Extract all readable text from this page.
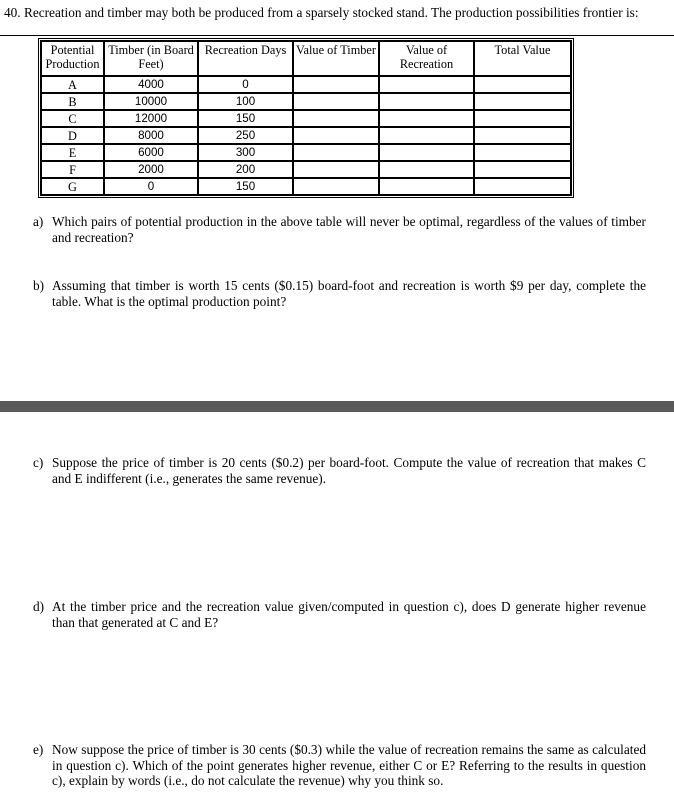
40. Recreation and timber may both be produced from a sparsely stocked stand. The production possibilities frontier is:
Potential Production	Timber (in Board Feet)	Recreation Days	Value of Timber	Value of Recreation	Total Value
A	4000	0			
B	10000	100			
C	12000	150			
D	8000	250			
E	6000	300			
F	2000	200			
G	0	150			
a) Which pairs of potential production in the above table will never be optimal, regardless of the values of timber and recreation?
b) Assuming that timber is worth 15 cents ($0.15) board-foot and recreation is worth $9 per day, complete the table. What is the optimal production point?
c) Suppose the price of timber is 20 cents ($0.2) per board-foot. Compute the value of recreation that makes C and E indifferent (i.e., generates the same revenue).
d) At the timber price and the recreation value given/computed in question c), does D generate higher revenue than that generated at C and E?
e) Now suppose the price of timber is 30 cents ($0.3) while the value of recreation remains the same as calculated in question c). Which of the point generates higher revenue, either C or E? Referring to the results in question c), explain by words (i.e., do not calculate the revenue) why you think so.
